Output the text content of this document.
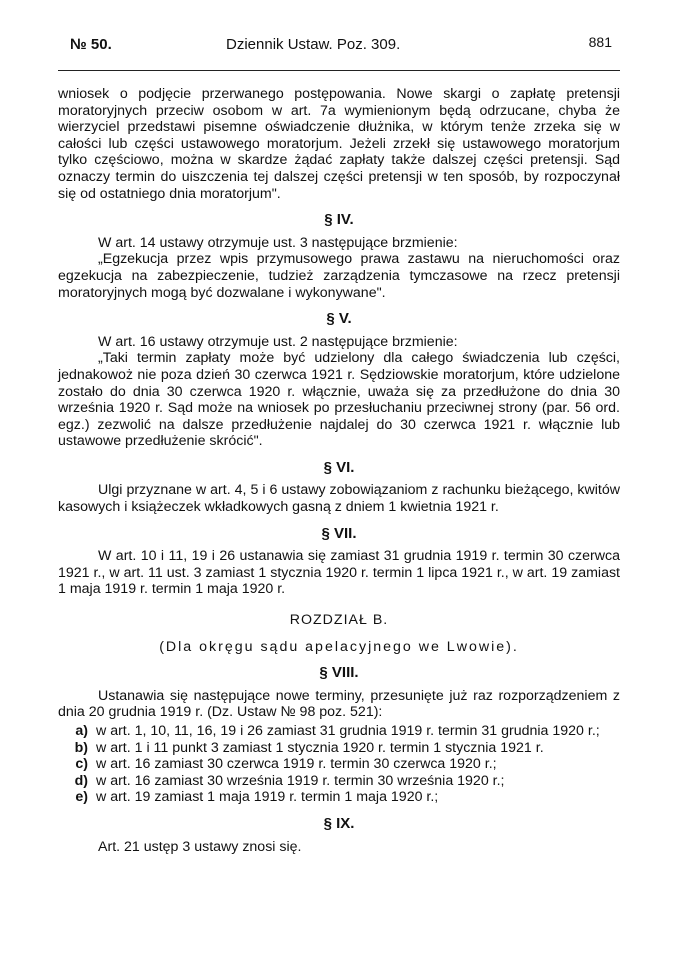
№ 50.	Dziennik Ustaw. Poz. 309.	881

wniosek o podjęcie przerwanego postępowania. Nowe skargi o zapłatę pretensji moratoryjnych przeciw osobom w art. 7a wymienionym będą odrzucane, chyba że wierzyciel przedstawi pisemne oświadczenie dłużnika, w którym tenże zrzeka się w całości lub części ustawowego moratorjum. Jeżeli zrzekł się ustawowego moratorjum tylko częściowo, można w skardze żądać zapłaty także dalszej części pretensji. Sąd oznaczy termin do uiszczenia tej dalszej części pretensji w ten sposób, by rozpoczynał się od ostatniego dnia moratorjum".

§ IV.

W art. 14 ustawy otrzymuje ust. 3 następujące brzmienie:

„Egzekucja przez wpis przymusowego prawa zastawu na nieruchomości oraz egzekucja na zabezpieczenie, tudzież zarządzenia tymczasowe na rzecz pretensji moratoryjnych mogą być dozwalane i wykonywane".

§ V.

W art. 16 ustawy otrzymuje ust. 2 następujące brzmienie:

„Taki termin zapłaty może być udzielony dla całego świadczenia lub części, jednakowoż nie poza dzień 30 czerwca 1921 r. Sędziowskie moratorjum, które udzielone zostało do dnia 30 czerwca 1920 r. włącznie, uważa się za przedłużone do dnia 30 września 1920 r. Sąd może na wniosek po przesłuchaniu przeciwnej strony (par. 56 ord. egz.) zezwolić na dalsze przedłużenie najdalej do 30 czerwca 1921 r. włącznie lub ustawowe przedłużenie skrócić".

§ VI.

Ulgi przyznane w art. 4, 5 i 6 ustawy zobowiązaniom z rachunku bieżącego, kwitów kasowych i książeczek wkładkowych gasną z dniem 1 kwietnia 1921 r.

§ VII.

W art. 10 i 11, 19 i 26 ustanawia się zamiast 31 grudnia 1919 r. termin 30 czerwca 1921 r., w art. 11 ust. 3 zamiast 1 stycznia 1920 r. termin 1 lipca 1921 r., w art. 19 zamiast 1 maja 1919 r. termin 1 maja 1920 r.

ROZDZIAŁ B.
(Dla okręgu sądu apelacyjnego we Lwowie).
§ VIII.

Ustanawia się następujące nowe terminy, przesunięte już raz rozporządzeniem z dnia 20 grudnia 1919 r. (Dz. Ustaw № 98 poz. 521):

a) w art. 1, 10, 11, 16, 19 i 26 zamiast 31 grudnia 1919 r. termin 31 grudnia 1920 r.;
b) w art. 1 i 11 punkt 3 zamiast 1 stycznia 1920 r. termin 1 stycznia 1921 r.
c) w art. 16 zamiast 30 czerwca 1919 r. termin 30 czerwca 1920 r.;
d) w art. 16 zamiast 30 września 1919 r. termin 30 września 1920 r.;
e) w art. 19 zamiast 1 maja 1919 r. termin 1 maja 1920 r.;
§ IX.

Art. 21 ustęp 3 ustawy znosi się.
